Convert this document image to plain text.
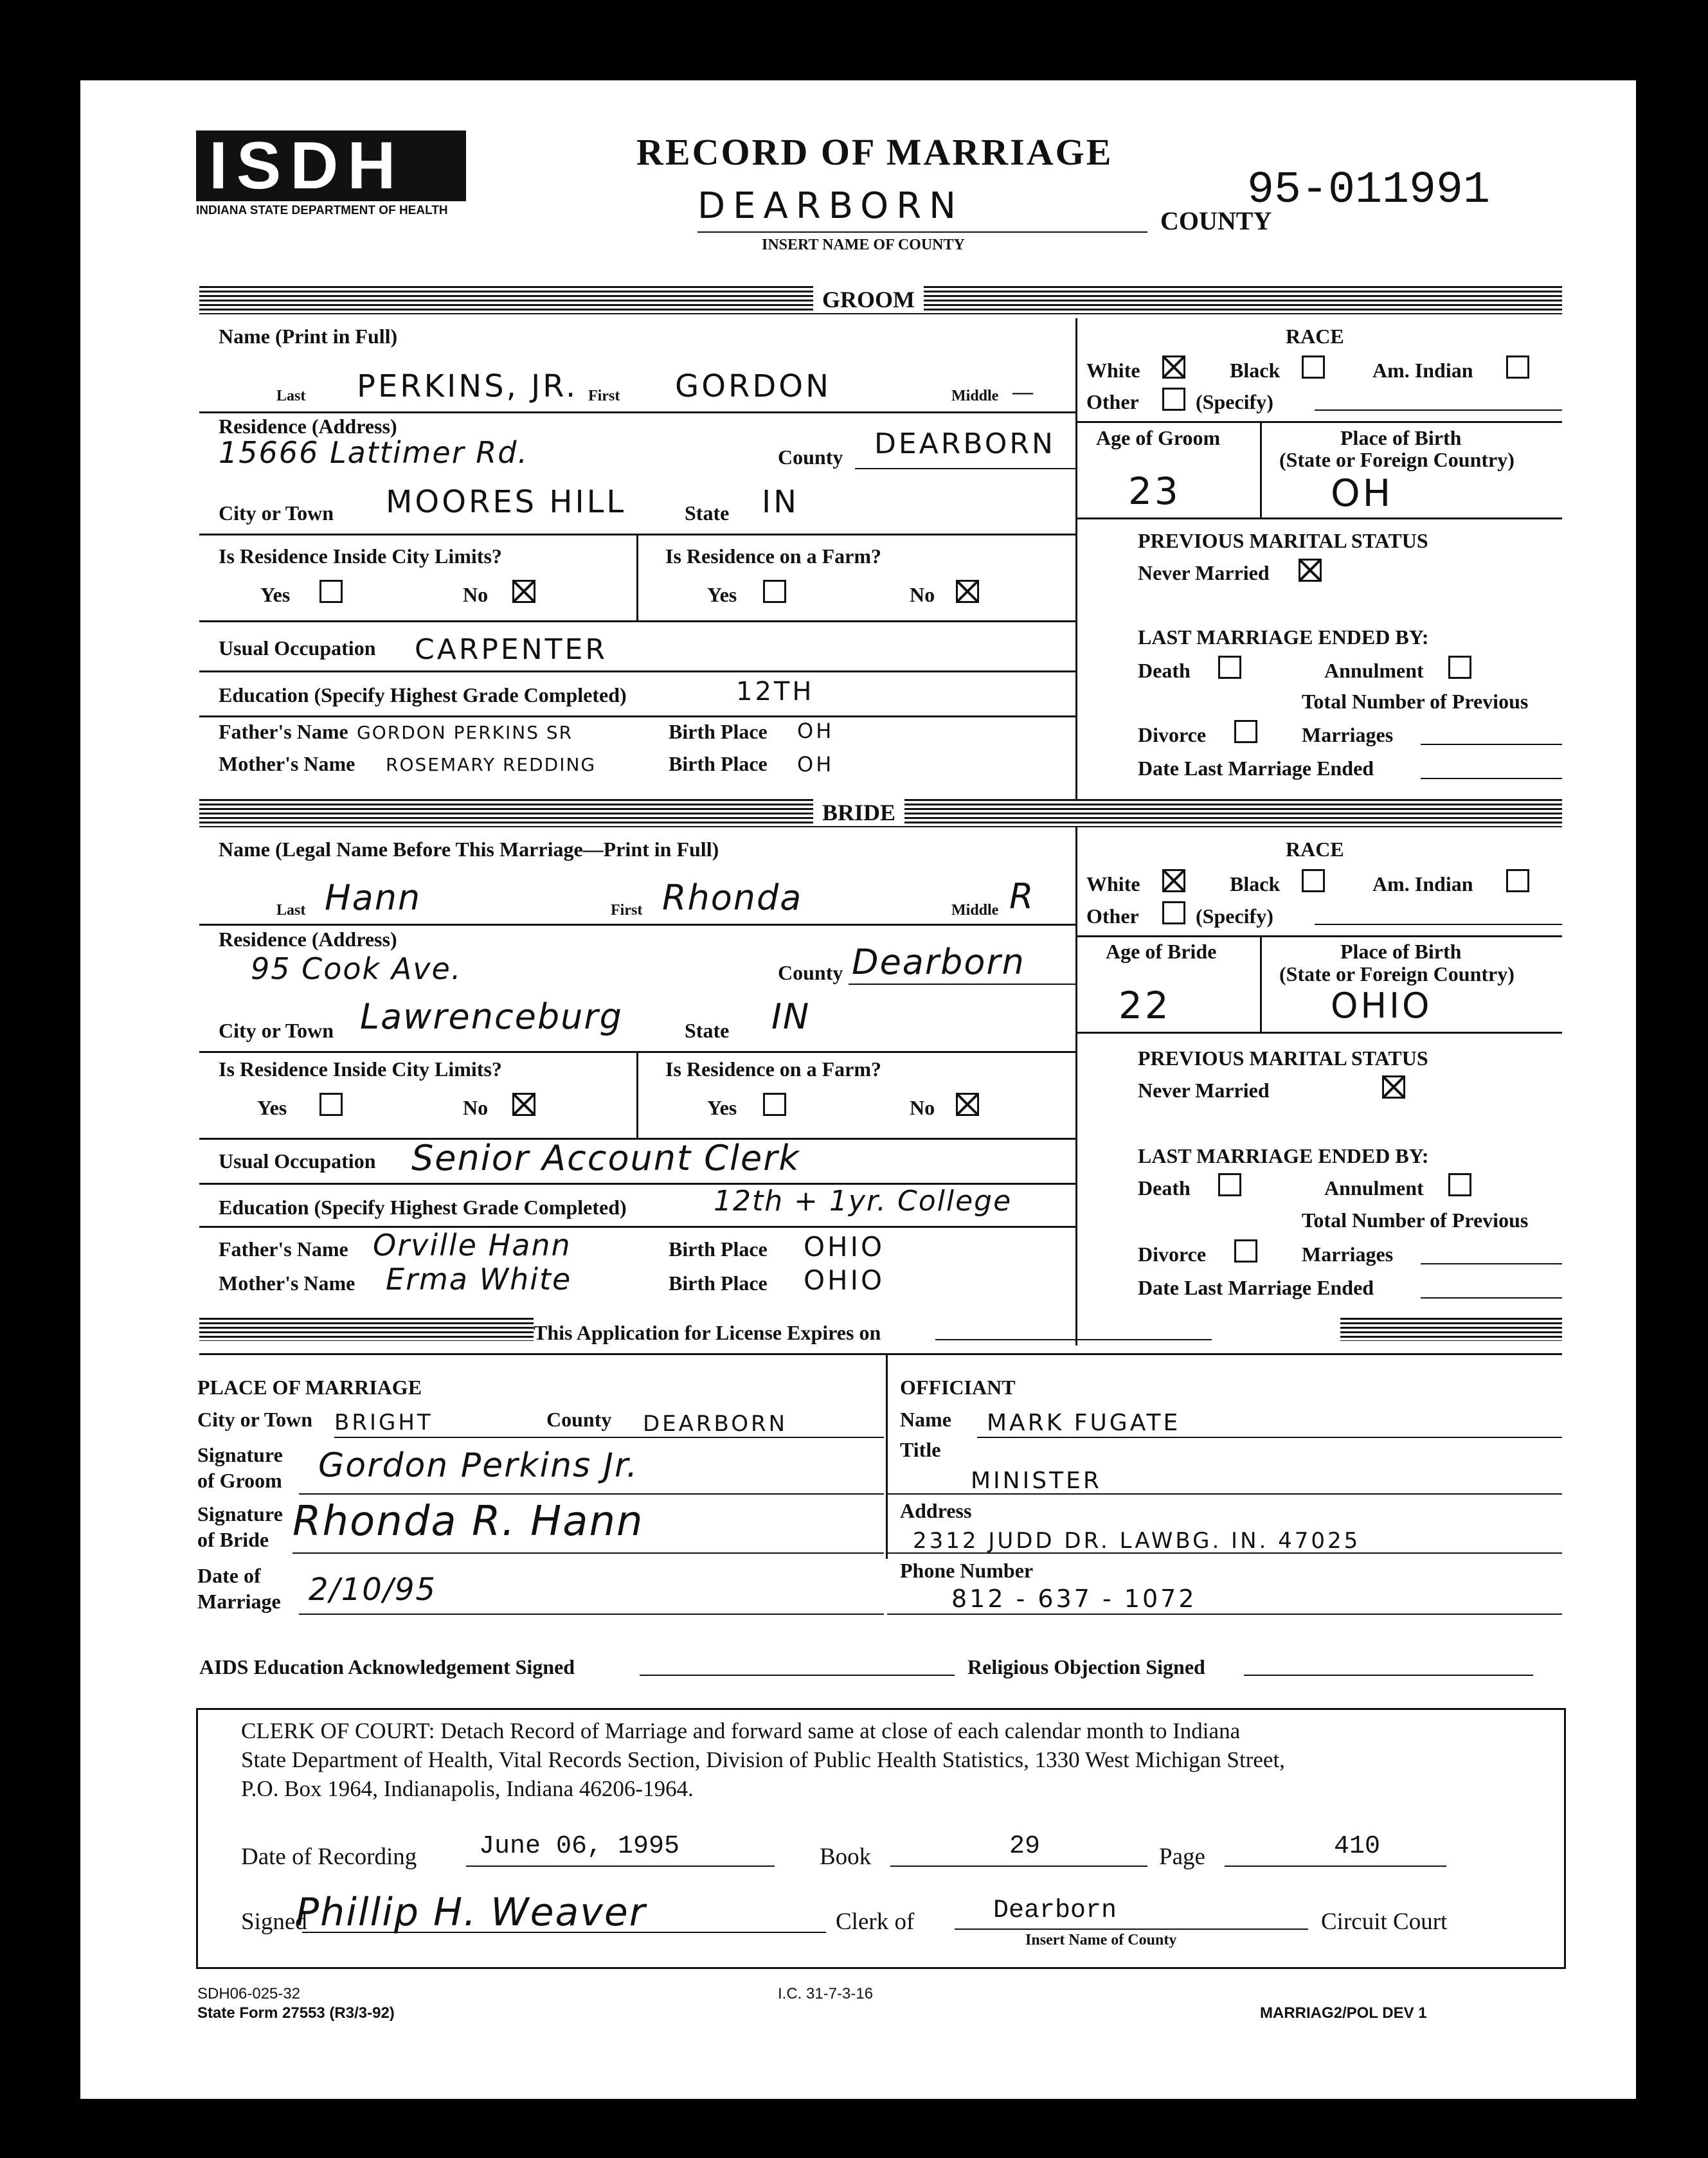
ISDH
INDIANA STATE DEPARTMENT OF HEALTH
RECORD OF MARRIAGE
DEARBORN
INSERT NAME OF COUNTY
COUNTY
95-011991
GROOM
Name (Print in Full)
Last PERKINS, JR. First GORDON	Middle —
Residence (Address)
15666 Lattimer Rd.	County DEARBORN
City or Town MOORES HILL	State IN
Is Residence Inside City Limits?
Yes	No
Is Residence on a Farm?
Yes	No
Usual Occupation CARPENTER
Education (Specify Highest Grade Completed)	12TH
Father's Name GORDON PERKINS SR	Birth Place OH
Mother's Name ROSEMARY REDDING	Birth Place OH
RACE
White	Black	Am. Indian
Other	(Specify)
Age of Groom
23
Place of Birth
(State or Foreign Country)
OH
PREVIOUS MARITAL STATUS
Never Married
LAST MARRIAGE ENDED BY:
Death	Annulment
Total Number of Previous
Divorce	Marriages
Date Last Marriage Ended
BRIDE
Name (Legal Name Before This Marriage—Print in Full)
Last Hann	First Rhonda	Middle R
Residence (Address)
95 Cook Ave.	County Dearborn
City or Town Lawrenceburg	State IN
Is Residence Inside City Limits?
Yes	No
Is Residence on a Farm?
Yes	No
Usual Occupation Senior Account Clerk
Education (Specify Highest Grade Completed)	12th + 1yr. College
Father's Name Orville Hann	Birth Place OHIO
Mother's Name Erma White	Birth Place OHIO
RACE
White	Black	Am. Indian
Other	(Specify)
Age of Bride
22
Place of Birth
(State or Foreign Country)
OHIO
PREVIOUS MARITAL STATUS
Never Married
LAST MARRIAGE ENDED BY:
Death	Annulment
Total Number of Previous
Divorce	Marriages
Date Last Marriage Ended
This Application for License Expires on
PLACE OF MARRIAGE
City or Town BRIGHT	County DEARBORN
Signature
of Groom Gordon Perkins Jr.
Signature
of Bride Rhonda R. Hann
Date of
Marriage 2/10/95
OFFICIANT
Name MARK FUGATE
Title
MINISTER
Address
2312 JUDD DR. LAWBG. IN. 47025
Phone Number
812 - 637 - 1072
AIDS Education Acknowledgement Signed	Religious Objection Signed
CLERK OF COURT: Detach Record of Marriage and forward same at close of each calendar month to Indiana
State Department of Health, Vital Records Section, Division of Public Health Statistics, 1330 West Michigan Street,
P.O. Box 1964, Indianapolis, Indiana 46206-1964.
Date of Recording June 06, 1995	Book	29	Page	410
Signed
Phillip H. Weaver	Clerk of	Dearborn
Insert Name of County
Circuit Court
SDH06-025-32
State Form 27553 (R3/3-92)
I.C. 31-7-3-16
MARRIAG2/POL DEV 1
